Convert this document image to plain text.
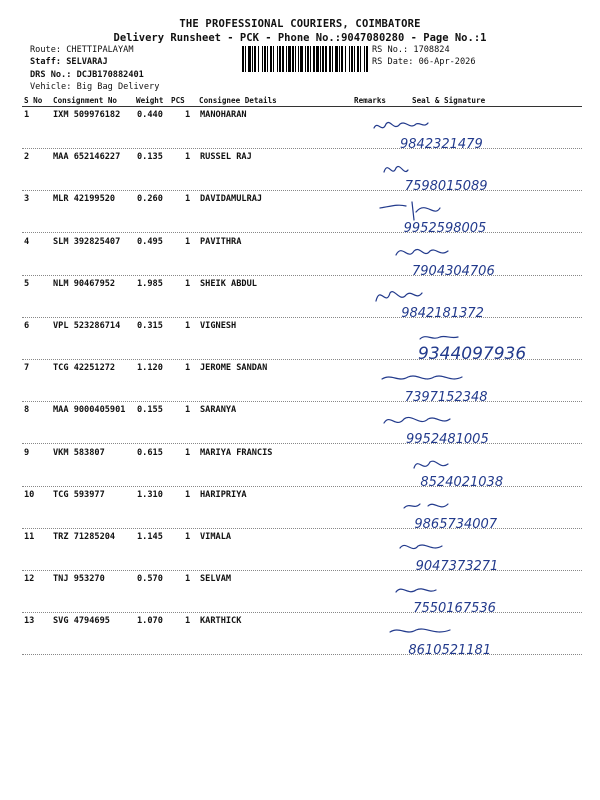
THE PROFESSIONAL COURIERS, COIMBATORE
Delivery Runsheet - PCK - Phone No.:9047080280 - Page No.:1
Route: CHETTIPALAYAM
Staff: SELVARAJ
DRS No.: DCJB170882401
Vehicle: Big Bag Delivery
RS No.: 1708824
RS Date: 06-Apr-2026
S No Consignment No Weight PCS Consignee Details	Remarks	Seal & Signature
1	IXM 509976182 0.440	1 MANOHARAN
9842321479
2	MAA 652146227 0.135	1 RUSSEL RAJ
7598015089
3	MLR 42199520	0.260	1 DAVIDAMULRAJ
9952598005
4	SLM 392825407 0.495	1 PAVITHRA
7904304706
5	NLM 90467952	1.985	1 SHEIK ABDUL
9842181372
6	VPL 523286714 0.315	1 VIGNESH
9344097936
7	TCG 42251272	1.120	1 JEROME SANDAN
7397152348
8	MAA 9000405901 0.155	1 SARANYA
9952481005
9	VKM 583807	0.615	1 MARIYA FRANCIS
8524021038
10 TCG 593977	1.310	1 HARIPRIYA
9865734007
11 TRZ 71285204	1.145	1 VIMALA
9047373271
12 TNJ 953270	0.570	1 SELVAM
7550167536
13 SVG 4794695	1.070	1 KARTHICK
8610521181
